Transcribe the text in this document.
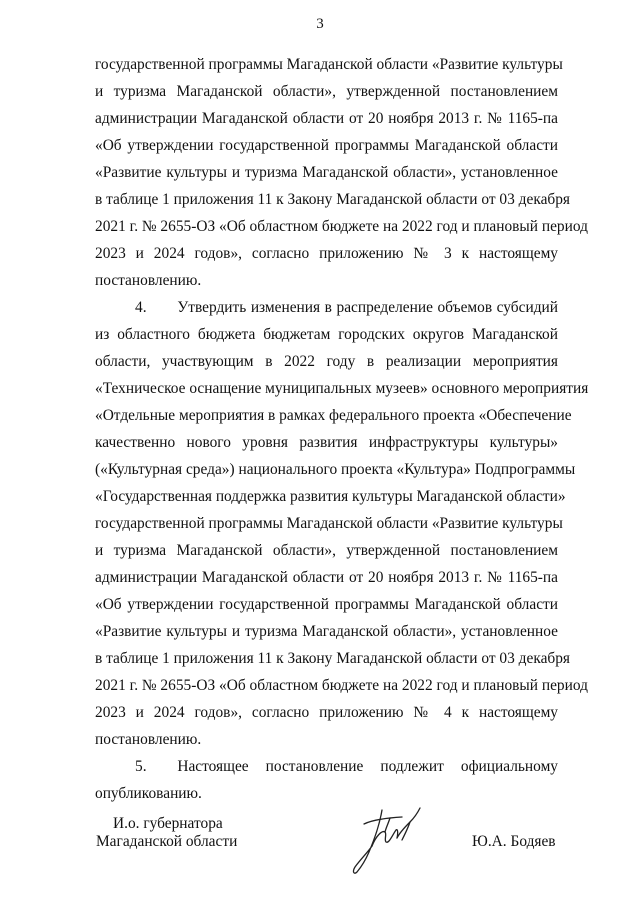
3
государственной программы Магаданской области «Развитие культуры
и туризма Магаданской области», утвержденной постановлением
администрации Магаданской области от 20 ноября 2013 г. № 1165-па
«Об утверждении государственной программы Магаданской области
«Развитие культуры и туризма Магаданской области», установленное
в таблице 1 приложения 11 к Закону Магаданской области от 03 декабря
2021 г. № 2655-ОЗ «Об областном бюджете на 2022 год и плановый период
2023 и 2024 годов», согласно приложению № 3 к настоящему
постановлению.
4.  Утвердить изменения в распределение объемов субсидий
из областного бюджета бюджетам городских округов Магаданской
области, участвующим в 2022 году в реализации мероприятия
«Техническое оснащение муниципальных музеев» основного мероприятия
«Отдельные мероприятия в рамках федерального проекта «Обеспечение
качественно нового уровня развития инфраструктуры культуры»
(«Культурная среда») национального проекта «Культура» Подпрограммы
«Государственная поддержка развития культуры Магаданской области»
государственной программы Магаданской области «Развитие культуры
и туризма Магаданской области», утвержденной постановлением
администрации Магаданской области от 20 ноября 2013 г. № 1165-па
«Об утверждении государственной программы Магаданской области
«Развитие культуры и туризма Магаданской области», установленное
в таблице 1 приложения 11 к Закону Магаданской области от 03 декабря
2021 г. № 2655-ОЗ «Об областном бюджете на 2022 год и плановый период
2023 и 2024 годов», согласно приложению № 4 к настоящему
постановлению.
5.  Настоящее постановление подлежит официальному
опубликованию.
И.о. губернатора
Магаданской области	Ю.А. Бодяев
